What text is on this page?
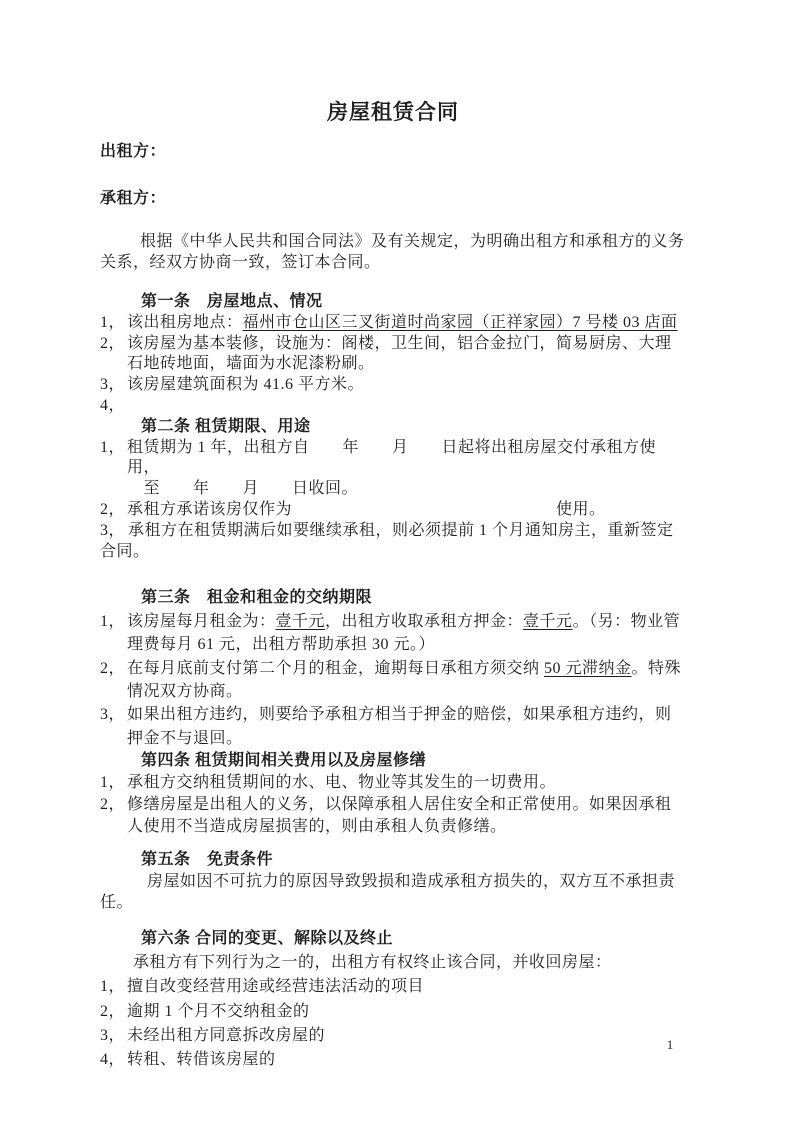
房屋租赁合同
出租方：
承租方：

根据《中华人民共和国合同法》及有关规定，为明确出租方和承租方的义务关系，经双方协商一致，签订本合同。

第一条　房屋地点、情况
1， 该出租房地点：福州市仓山区三叉街道时尚家园（正祥家园）7 号楼 03 店面
2， 该房屋为基本装修，设施为：阁楼，卫生间，铝合金拉门，简易厨房、大理石地砖地面，墙面为水泥漆粉刷。
3， 该房屋建筑面积为 41.6 平方米。
4，
第二条 租赁期限、用途
1， 租赁期为 1 年，出租方自　　年　　月　　日起将出租房屋交付承租方使用，
　至　　年　　月　　日收回。
2， 承租方承诺该房仅作为　　　　　　　　　　　　　　　　使用。
3， 承租方在租赁期满后如要继续承租，则必须提前 1 个月通知房主，重新签定合同。
第三条　租金和租金的交纳期限
1， 该房屋每月租金为：壹千元，出租方收取承租方押金：壹千元。（另：物业管理费每月 61 元，出租方帮助承担 30 元。）
2， 在每月底前支付第二个月的租金，逾期每日承租方须交纳 50 元滞纳金。特殊情况双方协商。
3， 如果出租方违约，则要给予承租方相当于押金的赔偿，如果承租方违约，则押金不与退回。
第四条 租赁期间相关费用以及房屋修缮
1， 承租方交纳租赁期间的水、电、物业等其发生的一切费用。
2， 修缮房屋是出租人的义务，以保障承租人居住安全和正常使用。如果因承租人使用不当造成房屋损害的，则由承租人负责修缮。
第五条　免责条件

房屋如因不可抗力的原因导致毁损和造成承租方损失的，双方互不承担责任。

第六条 合同的变更、解除以及终止

承租方有下列行为之一的，出租方有权终止该合同，并收回房屋：

1， 擅自改变经营用途或经营违法活动的项目
2， 逾期 1 个月不交纳租金的
3， 未经出租方同意拆改房屋的
4， 转租、转借该房屋的
1
